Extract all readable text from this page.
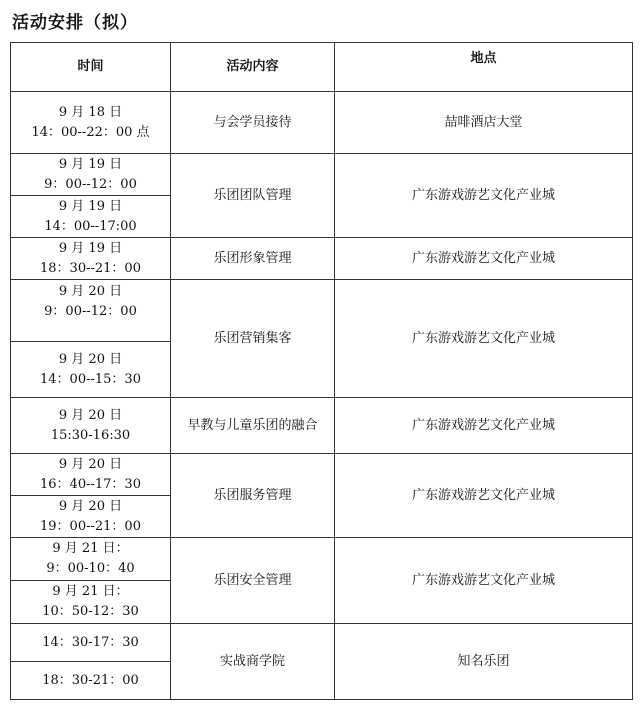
活动安排（拟）
时间	活动内容	地点

9 月 18 日
14：00--22：00 点	与会学员接待	喆啡酒店大堂

9 月 19 日
9：00--12：00	乐团团队管理	广东游戏游艺文化产业城

9 月 19 日
14：00--17:00		

9 月 19 日
18：30--21：00	乐团形象管理	广东游戏游艺文化产业城

9 月 20 日
9：00--12：00	乐团营销集客	广东游戏游艺文化产业城

9 月 20 日
14：00--15：30		

9 月 20 日
15:30-16:30	早教与儿童乐团的融合	广东游戏游艺文化产业城

9 月 20 日
16：40--17：30	乐团服务管理	广东游戏游艺文化产业城

9 月 20 日
19：00--21：00		

9 月 21 日：
9：00-10：40	乐团安全管理	广东游戏游艺文化产业城

9 月 21 日：
10：50-12：30		

14：30-17：30	实战商学院	知名乐团

18：30-21：00		
